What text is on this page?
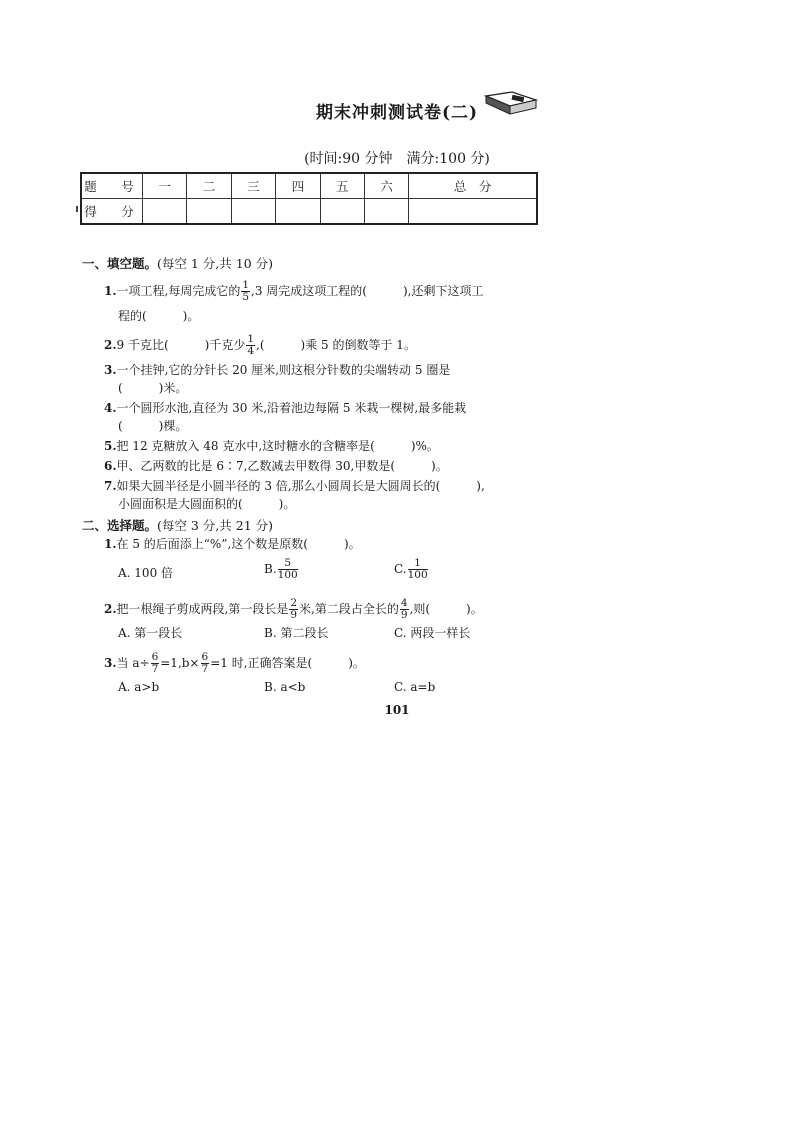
期末冲刺测试卷(二)
(时间:90 分钟　满分:100 分)
题　号	一	二	三	四	五	六	总　分
得　分							
一、填空题。(每空 1 分,共 10 分)
1.一项工程,每周完成它的 $\frac{1}{5} ,3$ 周完成这项工程的(　　　),还剩下这项工
程的(　　　)。
2.9 千克比(　　　)千克少 $\frac{1}{4}$ ,(　　　)乘 5 的倒数等于 1。
3.一个挂钟,它的分针长 20 厘米,则这根分针数的尖端转动 5 圈是
(　　　)米。
4.一个圆形水池,直径为 30 米,沿着池边每隔 5 米栽一棵树,最多能栽
(　　　)棵。
5.把 12 克糖放入 48 克水中,这时糖水的含糖率是(　　　)%。
6.甲、乙两数的比是 6∶7,乙数减去甲数得 30,甲数是(　　　)。
7.如果大圆半径是小圆半径的 3 倍,那么小圆周长是大圆周长的(　　　),
小圆面积是大圆面积的(　　　)。
二、选择题。(每空 3 分,共 21 分)
1.在 5 的后面添上“%”,这个数是原数(　　　)。
A. 100 倍	B. $\frac{5}{100}$	C. $\frac{1}{100}$
2.把一根绳子剪成两段,第一段长是 $\frac{2}{9}$ 米,第二段占全长的 $\frac{4}{9}$ ,则(　　　)。
A. 第一段长	B. 第二段长	C. 两段一样长
3.当 $a\div \frac{6}{7} =1,b\times \frac{6}{7} =1$ 时,正确答案是(　　　)。
A. a>b	B. a<b	C. a=b
101
